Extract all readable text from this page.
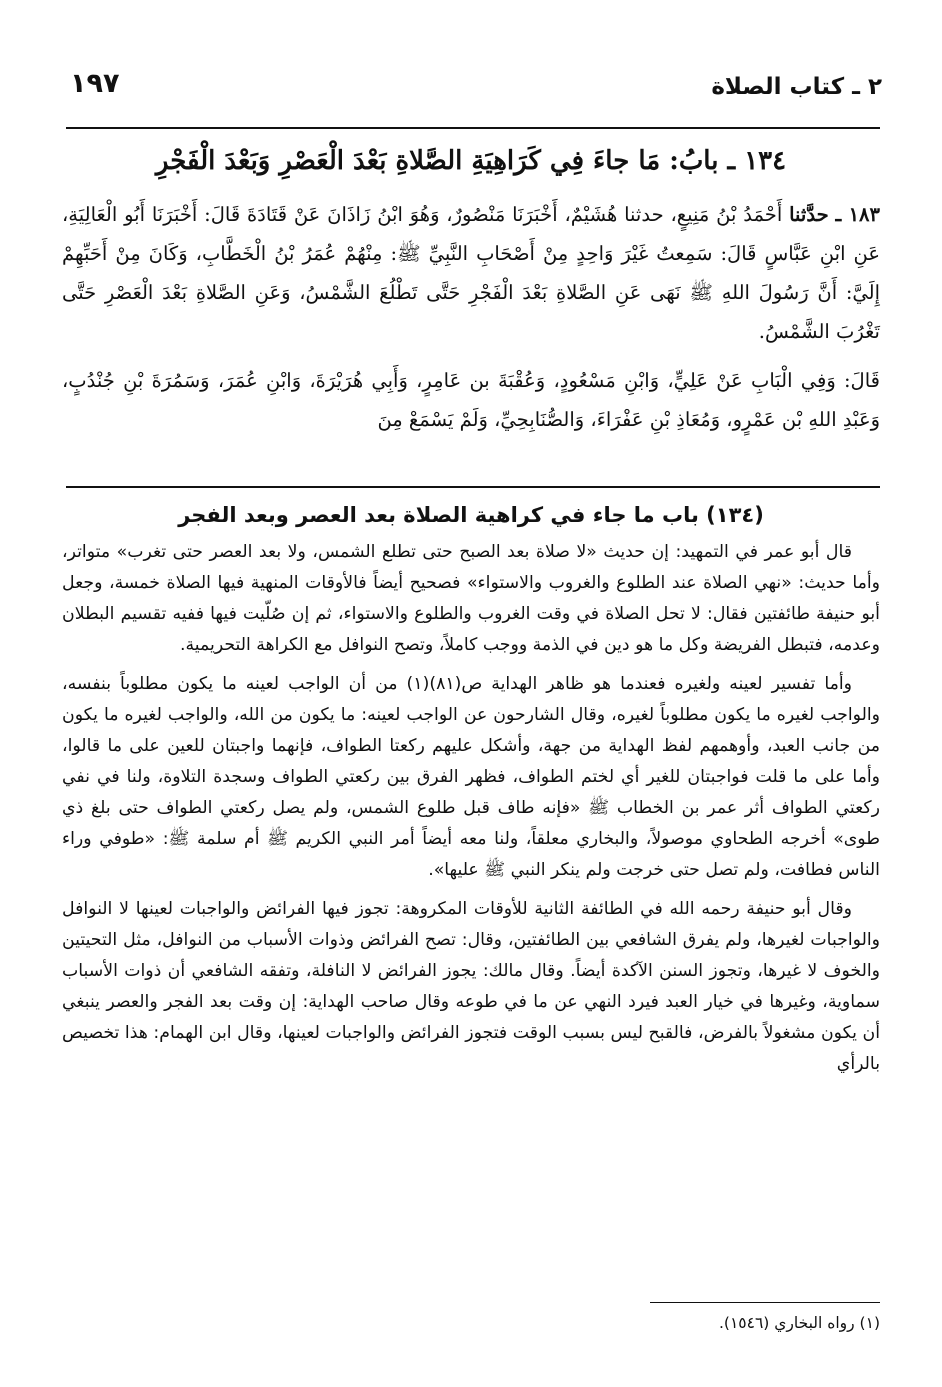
٢ ـ كتاب الصلاة
١٩٧
١٣٤ ـ بابُ: مَا جاءَ فِي كَرَاهِيَةِ الصَّلاةِ بَعْدَ الْعَصْرِ وَبَعْدَ الْفَجْرِ

١٨٣ ـ حدَّثنا أَحْمَدُ بْنُ مَنِيعٍ، حدثنا هُشَيْمٌ، أَخْبَرَنَا مَنْصُورٌ، وَهُوَ ابْنُ زَاذَانَ عَنْ قَتَادَةَ قَالَ: أَخْبَرَنَا أَبُو الْعَالِيَةِ، عَنِ ابْنِ عَبَّاسٍ قَالَ: سَمِعتُ غَيْرَ وَاحِدٍ مِنْ أَصْحَابِ النَّبِيِّ ﷺ: مِنْهُمْ عُمَرُ بْنُ الْخَطَّابِ، وَكَانَ مِنْ أَحَبِّهِمْ إِلَيَّ: أَنَّ رَسُولَ اللهِ ﷺ نَهَى عَنِ الصَّلاةِ بَعْدَ الْفَجْرِ حَتَّى تَطْلُعَ الشَّمْسُ، وَعَنِ الصَّلاةِ بَعْدَ الْعَصْرِ حَتَّى تَغْرُبَ الشَّمْسُ.

قَالَ: وَفِي الْبَابِ عَنْ عَلِيٍّ، وَابْنِ مَسْعُودٍ، وَعُقْبَةَ بن عَامِرٍ، وَأَبِي هُرَيْرَةَ، وَابْنِ عُمَرَ، وَسَمُرَةَ بْنِ جُنْدُبٍ، وَعَبْدِ اللهِ بْن عَمْرٍو، وَمُعَاذِ بْنِ عَفْرَاءَ، وَالصُّنَابِحِيِّ، وَلَمْ يَسْمَعْ مِنَ

(١٣٤) باب ما جاء في كراهية الصلاة بعد العصر وبعد الفجر

قال أبو عمر في التمهيد: إن حديث «لا صلاة بعد الصبح حتى تطلع الشمس، ولا بعد العصر حتى تغرب» متواتر، وأما حديث: «نهي الصلاة عند الطلوع والغروب والاستواء» فصحيح أيضاً فالأوقات المنهية فيها الصلاة خمسة، وجعل أبو حنيفة طائفتين فقال: لا تحل الصلاة في وقت الغروب والطلوع والاستواء، ثم إن صُلّيت فيها ففيه تقسيم البطلان وعدمه، فتبطل الفريضة وكل ما هو دين في الذمة ووجب كاملاً، وتصح النوافل مع الكراهة التحريمية.

وأما تفسير لعينه ولغيره فعندما هو ظاهر الهداية ص(٨١)(١) من أن الواجب لعينه ما يكون مطلوباً بنفسه، والواجب لغيره ما يكون مطلوباً لغيره، وقال الشارحون عن الواجب لعينه: ما يكون من الله، والواجب لغيره ما يكون من جانب العبد، وأوهمهم لفظ الهداية من جهة، وأشكل عليهم ركعتا الطواف، فإنهما واجبتان للعين على ما قالوا، وأما على ما قلت فواجبتان للغير أي لختم الطواف، فظهر الفرق بين ركعتي الطواف وسجدة التلاوة، ولنا في نفي ركعتي الطواف أثر عمر بن الخطاب ﷺ «فإنه طاف قبل طلوع الشمس، ولم يصل ركعتي الطواف حتى بلغ ذي طوى» أخرجه الطحاوي موصولاً، والبخاري معلقاً، ولنا معه أيضاً أمر النبي الكريم ﷺ أم سلمة ﷺ: «طوفي وراء الناس فطافت، ولم تصل حتى خرجت ولم ينكر النبي ﷺ عليها».

وقال أبو حنيفة رحمه الله في الطائفة الثانية للأوقات المكروهة: تجوز فيها الفرائض والواجبات لعينها لا النوافل والواجبات لغيرها، ولم يفرق الشافعي بين الطائفتين، وقال: تصح الفرائض وذوات الأسباب من النوافل، مثل التحيتين والخوف لا غيرها، وتجوز السنن الآكدة أيضاً. وقال مالك: يجوز الفرائض لا النافلة، وتفقه الشافعي أن ذوات الأسباب سماوية، وغيرها في خيار العبد فيرد النهي عن ما في طوعه وقال صاحب الهداية: إن وقت بعد الفجر والعصر ينبغي أن يكون مشغولاً بالفرض، فالقبح ليس بسبب الوقت فتجوز الفرائض والواجبات لعينها، وقال ابن الهمام: هذا تخصيص بالرأي

(١) رواه البخاري (١٥٤٦).
